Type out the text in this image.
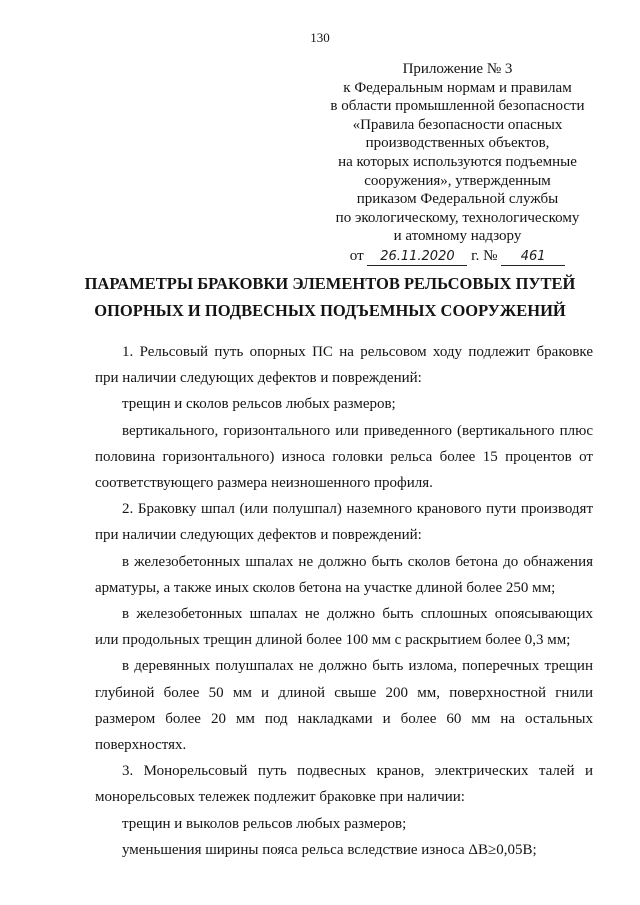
130
Приложение № 3
к Федеральным нормам и правилам
в области промышленной безопасности
«Правила безопасности опасных
производственных объектов,
на которых используются подъемные
сооружения», утвержденным
приказом Федеральной службы
по экологическому, технологическому
и атомному надзору
от 26.11.2020 г. № 461
ПАРАМЕТРЫ БРАКОВКИ ЭЛЕМЕНТОВ РЕЛЬСОВЫХ ПУТЕЙ
ОПОРНЫХ И ПОДВЕСНЫХ ПОДЪЕМНЫХ СООРУЖЕНИЙ

1. Рельсовый путь опорных ПС на рельсовом ходу подлежит браковке при наличии следующих дефектов и повреждений:

трещин и сколов рельсов любых размеров;

вертикального, горизонтального или приведенного (вертикального плюс половина горизонтального) износа головки рельса более 15 процентов от соответствующего размера неизношенного профиля.

2. Браковку шпал (или полушпал) наземного кранового пути производят при наличии следующих дефектов и повреждений:

в железобетонных шпалах не должно быть сколов бетона до обнажения арматуры, а также иных сколов бетона на участке длиной более 250 мм;

в железобетонных шпалах не должно быть сплошных опоясывающих или продольных трещин длиной более 100 мм с раскрытием более 0,3 мм;

в деревянных полушпалах не должно быть излома, поперечных трещин глубиной более 50 мм и длиной свыше 200 мм, поверхностной гнили размером более 20 мм под накладками и более 60 мм на остальных поверхностях.

3. Монорельсовый путь подвесных кранов, электрических талей и монорельсовых тележек подлежит браковке при наличии:

трещин и выколов рельсов любых размеров;

уменьшения ширины пояса рельса вследствие износа ΔB≥0,05B;
